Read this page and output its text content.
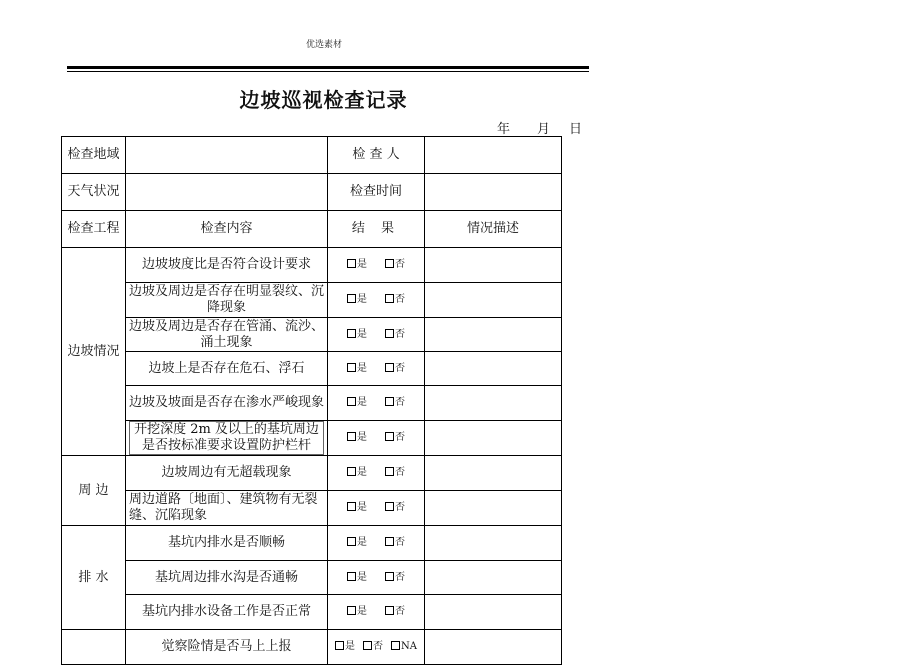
优选素材
边坡巡视检查记录
年 月 日
检查地域		检 查 人	
天气状况		检查时间	
检查工程	检查内容	结 果	情况描述
边坡情况	边坡坡度比是否符合设计要求	是 否	
	边坡及周边是否存在明显裂纹、沉降现象	是 否	
	边坡及周边是否存在管涌、流沙、涌土现象	是 否	
	边坡上是否存在危石、浮石	是 否	
	边坡及坡面是否存在渗水严峻现象	是 否	

	开挖深度 2m 及以上的基坑周边是否按标准要求设置防护栏杆	是 否	
周 边	边坡周边有无超载现象	是 否	
	周边道路〔地面〕、建筑物有无裂缝、沉陷现象	是 否	
排 水	基坑内排水是否顺畅	是 否	
	基坑周边排水沟是否通畅	是 否	
	基坑内排水设备工作是否正常	是 否	
	觉察险情是否马上上报	是 否 NA	
